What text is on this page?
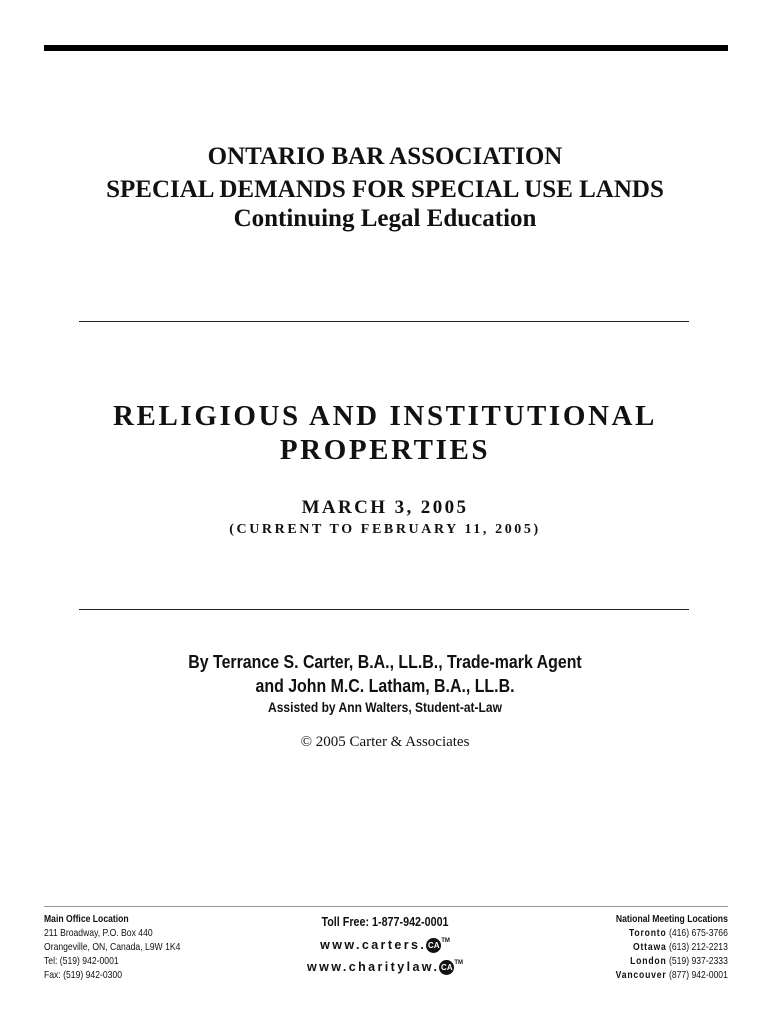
ONTARIO BAR ASSOCIATION
SPECIAL DEMANDS FOR SPECIAL USE LANDS
Continuing Legal Education
RELIGIOUS AND INSTITUTIONAL
PROPERTIES
MARCH 3, 2005
(CURRENT TO FEBRUARY 11, 2005)
By Terrance S. Carter, B.A., LL.B., Trade-mark Agent
and John M.C. Latham, B.A., LL.B.
Assisted by Ann Walters, Student-at-Law
© 2005 Carter & Associates
Main Office Location
211 Broadway, P.O. Box 440
Orangeville, ON, Canada, L9W 1K4
Tel: (519) 942-0001
Fax: (519) 942-0300
Toll Free: 1-877-942-0001
www.carters. CA™
www.charitylaw. CA™
National Meeting Locations
Toronto (416) 675-3766
Ottawa (613) 212-2213
London (519) 937-2333
Vancouver (877) 942-0001
